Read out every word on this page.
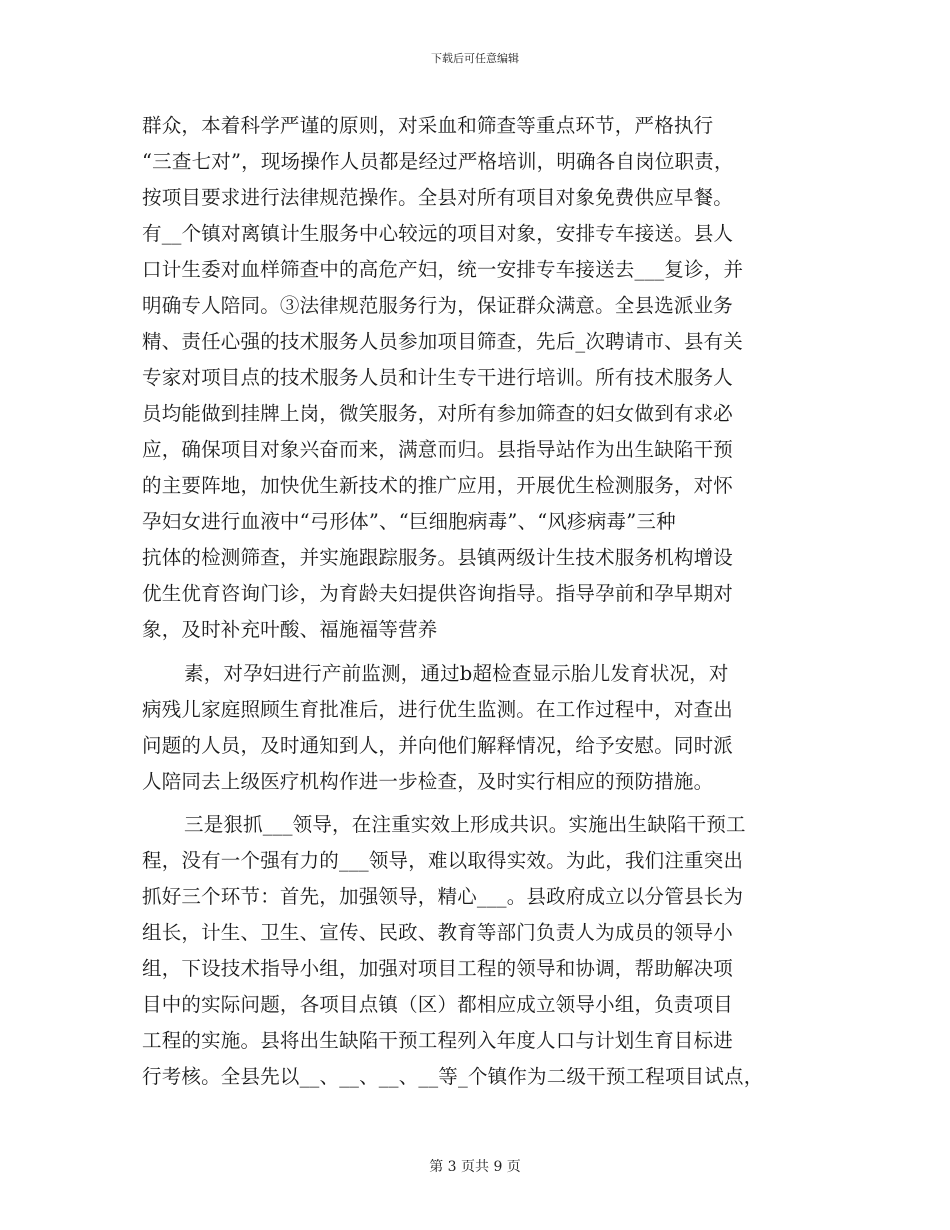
下载后可任意编辑
群众，本着科学严谨的原则，对采血和筛查等重点环节，严格执行
“三查七对”，现场操作人员都是经过严格培训，明确各自岗位职责，
按项目要求进行法律规范操作。全县对所有项目对象免费供应早餐。
有__个镇对离镇计生服务中心较远的项目对象，安排专车接送。县人
口计生委对血样筛查中的高危产妇，统一安排专车接送去___复诊，并
明确专人陪同。③法律规范服务行为，保证群众满意。全县选派业务
精、责任心强的技术服务人员参加项目筛查，先后_次聘请市、县有关
专家对项目点的技术服务人员和计生专干进行培训。所有技术服务人
员均能做到挂牌上岗，微笑服务，对所有参加筛查的妇女做到有求必
应，确保项目对象兴奋而来，满意而归。县指导站作为出生缺陷干预
的主要阵地，加快优生新技术的推广应用，开展优生检测服务，对怀
孕妇女进行血液中“弓形体”、“巨细胞病毒”、“风疹病毒”三种
抗体的检测筛查，并实施跟踪服务。县镇两级计生技术服务机构增设
优生优育咨询门诊，为育龄夫妇提供咨询指导。指导孕前和孕早期对
象，及时补充叶酸、福施福等营养
素，对孕妇进行产前监测，通过b超检查显示胎儿发育状况，对
病残儿家庭照顾生育批准后，进行优生监测。在工作过程中，对查出
问题的人员，及时通知到人，并向他们解释情况，给予安慰。同时派
人陪同去上级医疗机构作进一步检查，及时实行相应的预防措施。
三是狠抓___领导，在注重实效上形成共识。实施出生缺陷干预工
程，没有一个强有力的___领导，难以取得实效。为此，我们注重突出
抓好三个环节：首先，加强领导，精心___。县政府成立以分管县长为
组长，计生、卫生、宣传、民政、教育等部门负责人为成员的领导小
组，下设技术指导小组，加强对项目工程的领导和协调，帮助解决项
目中的实际问题，各项目点镇（区）都相应成立领导小组，负责项目
工程的实施。县将出生缺陷干预工程列入年度人口与计划生育目标进
行考核。全县先以__、__、__、__等_个镇作为二级干预工程项目试点，
第 3 页共 9 页
